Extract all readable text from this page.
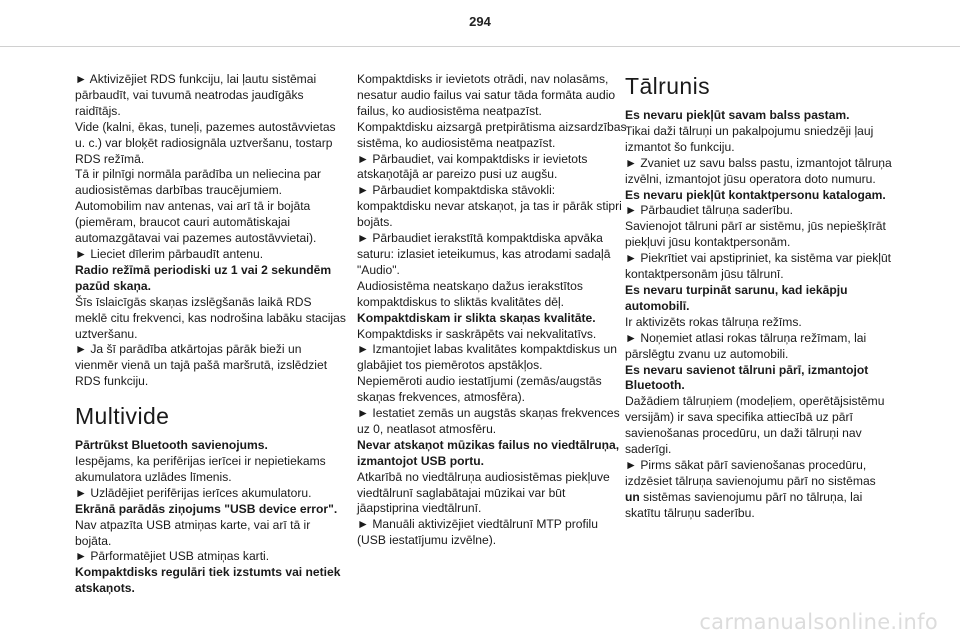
294

► Aktivizējiet RDS funkciju, lai ļautu sistēmai pārbaudīt, vai tuvumā neatrodas jaudīgāks raidītājs.

Vide (kalni, ēkas, tuneļi, pazemes autostāvvietas u. c.) var bloķēt radiosignāla uztveršanu, tostarp RDS režīmā.

Tā ir pilnīgi normāla parādība un neliecina par audiosistēmas darbības traucējumiem.

Automobilim nav antenas, vai arī tā ir bojāta (piemēram, braucot cauri automātiskajai automazgātavai vai pazemes autostāvvietai).

► Lieciet dīlerim pārbaudīt antenu.

Radio režīmā periodiski uz 1 vai 2 sekundēm pazūd skaņa.

Šīs īslaicīgās skaņas izslēgšanās laikā RDS meklē citu frekvenci, kas nodrošina labāku stacijas uztveršanu.

► Ja šī parādība atkārtojas pārāk bieži un vienmēr vienā un tajā pašā maršrutā, izslēdziet RDS funkciju.

Multivide

Pārtrūkst Bluetooth savienojums.

Iespējams, ka perifērijas ierīcei ir nepietiekams akumulatora uzlādes līmenis.

► Uzlādējiet perifērijas ierīces akumulatoru.

Ekrānā parādās ziņojums "USB device error".

Nav atpazīta USB atmiņas karte, vai arī tā ir bojāta.

► Pārformatējiet USB atmiņas karti.

Kompaktdisks regulāri tiek izstumts vai netiek atskaņots.

Kompaktdisks ir ievietots otrādi, nav nolasāms, nesatur audio failus vai satur tāda formāta audio failus, ko audiosistēma neatpazīst.

Kompaktdisku aizsargā pretpirātisma aizsardzības sistēma, ko audiosistēma neatpazīst.

► Pārbaudiet, vai kompaktdisks ir ievietots atskaņotājā ar pareizo pusi uz augšu.

► Pārbaudiet kompaktdiska stāvokli: kompaktdisku nevar atskaņot, ja tas ir pārāk stipri bojāts.

► Pārbaudiet ierakstītā kompaktdiska apvāka saturu: izlasiet ieteikumus, kas atrodami sadaļā "Audio".

Audiosistēma neatskaņo dažus ierakstītos kompaktdiskus to sliktās kvalitātes dēļ.

Kompaktdiskam ir slikta skaņas kvalitāte.

Kompaktdisks ir saskrāpēts vai nekvalitatīvs.

► Izmantojiet labas kvalitātes kompaktdiskus un glabājiet tos piemērotos apstākļos.

Nepiemēroti audio iestatījumi (zemās/augstās skaņas frekvences, atmosfēra).

► Iestatiet zemās un augstās skaņas frekvences uz 0, neatlasot atmosfēru.

Nevar atskaņot mūzikas failus no viedtālruņa, izmantojot USB portu.

Atkarībā no viedtālruņa audiosistēmas piekļuve viedtālrunī saglabātajai mūzikai var būt jāapstiprina viedtālrunī.

► Manuāli aktivizējiet viedtālrunī MTP profilu (USB iestatījumu izvēlne).

Tālrunis

Es nevaru piekļūt savam balss pastam.

Tikai daži tālruņi un pakalpojumu sniedzēji ļauj izmantot šo funkciju.

► Zvaniet uz savu balss pastu, izmantojot tālruņa izvēlni, izmantojot jūsu operatora doto numuru.

Es nevaru piekļūt kontaktpersonu katalogam.

► Pārbaudiet tālruņa saderību.

Savienojot tālruni pārī ar sistēmu, jūs nepiešķīrāt piekļuvi jūsu kontaktpersonām.

► Piekrītiet vai apstipriniet, ka sistēma var piekļūt kontaktpersonām jūsu tālrunī.

Es nevaru turpināt sarunu, kad iekāpju automobilī.

Ir aktivizēts rokas tālruņa režīms.

► Noņemiet atlasi rokas tālruņa režīmam, lai pārslēgtu zvanu uz automobili.

Es nevaru savienot tālruni pārī, izmantojot Bluetooth.

Dažādiem tālruņiem (modeļiem, operētājsistēmu versijām) ir sava specifika attiecībā uz pārī savienošanas procedūru, un daži tālruņi nav saderīgi.

► Pirms sākat pārī savienošanas procedūru, izdzēsiet tālruņa savienojumu pārī no sistēmas

un sistēmas savienojumu pārī no tālruņa, lai skatītu tālruņu saderību.

carmanualsonline.info
